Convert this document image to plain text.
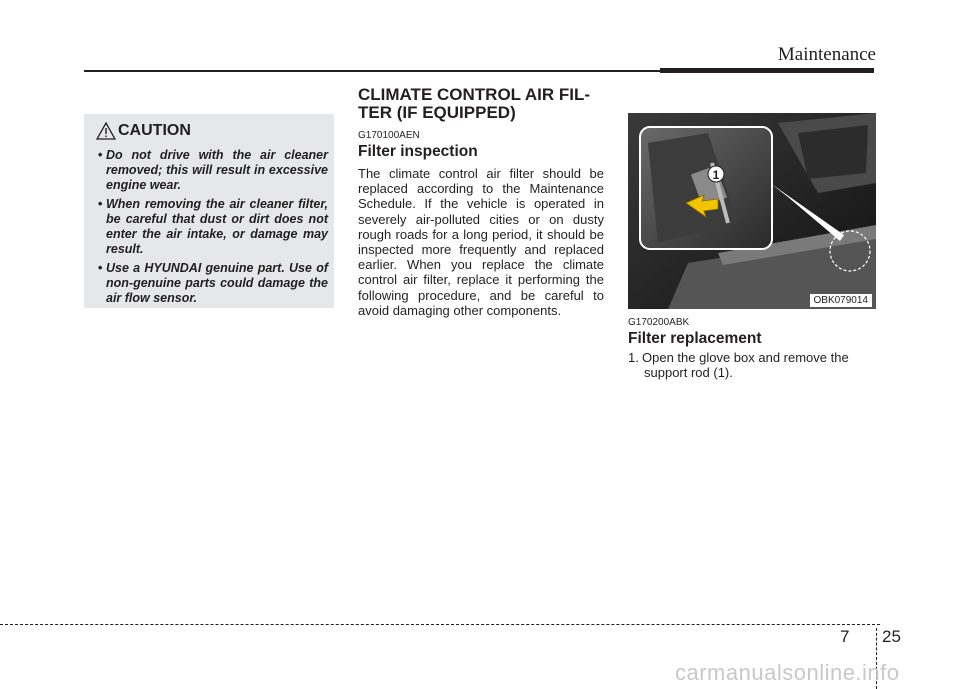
Maintenance
CAUTION
• Do not drive with the air cleaner removed; this will result in excessive engine wear.
• When removing the air cleaner filter, be careful that dust or dirt does not enter the air intake, or damage may result.
• Use a HYUNDAI genuine part. Use of non-genuine parts could damage the air flow sensor.
CLIMATE CONTROL AIR FIL-
TER (IF EQUIPPED)
G170100AEN
Filter inspection

The climate control air filter should be replaced according to the Maintenance Schedule. If the vehicle is operated in severely air-polluted cities or on dusty rough roads for a long period, it should be inspected more frequently and replaced earlier. When you replace the climate control air filter, replace it performing the following procedure, and be careful to avoid damaging other components.

1
OBK079014
G170200ABK
Filter replacement
1. Open the glove box and remove the
support rod (1).
7 25
carmanualsonline.info
